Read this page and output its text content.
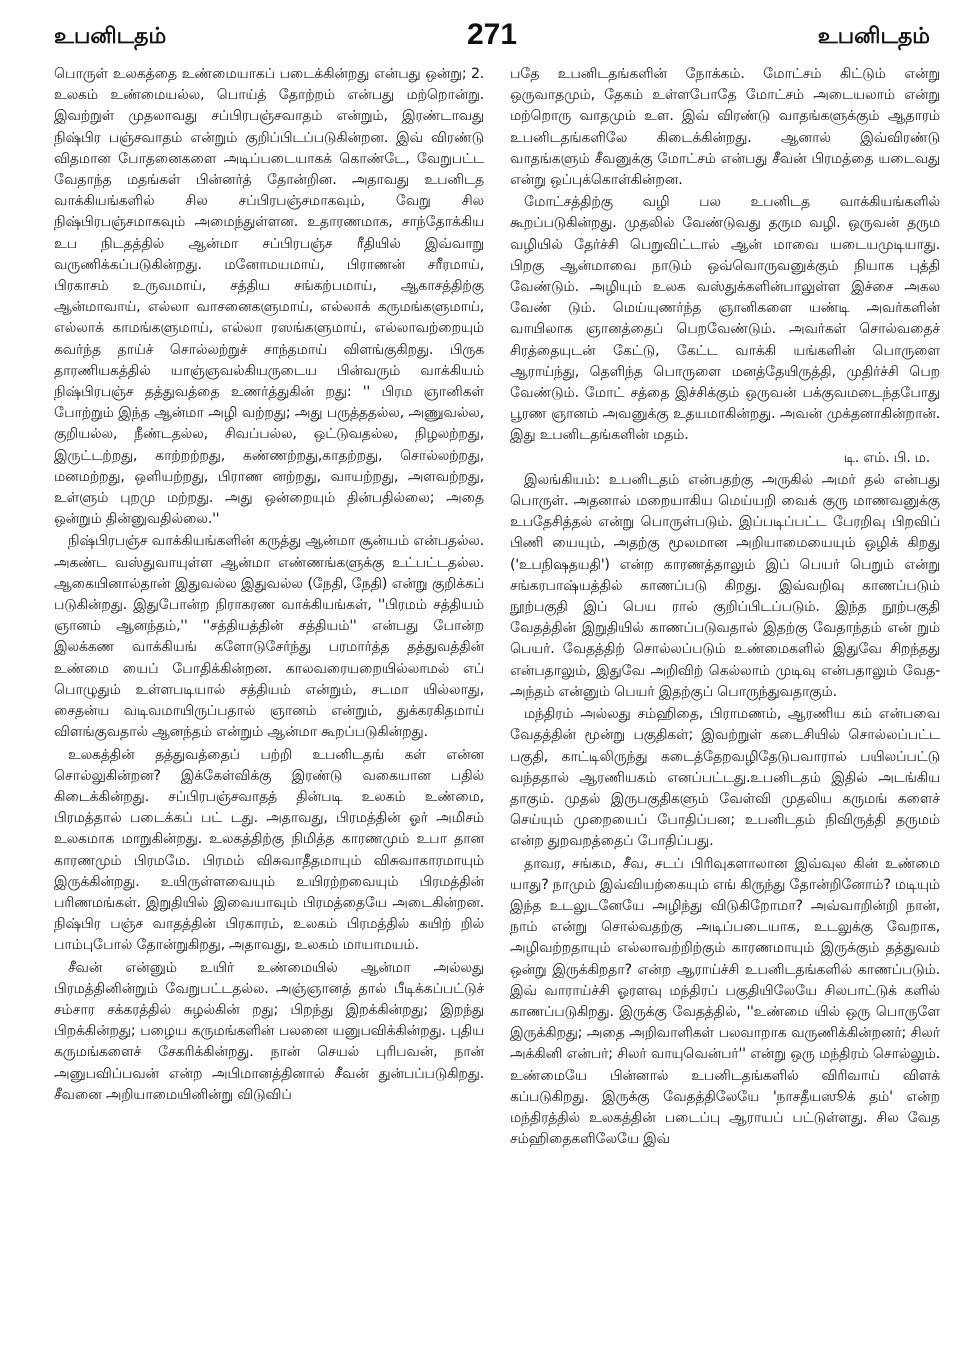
உபனிடதம்	271	உபனிடதம்

பொருள் உலகத்தை உண்மையாகப் படைக்கின்றது என்பது ஒன்று; 2. உலகம் உண்மையல்ல, பொய்த் தோற்றம் என்பது மற்றொன்று. இவற்றுள் முதலாவது சப்பிரபஞ்சவாதம் என்றும், இரண்டாவது நிஷ்பிர பஞ்சவாதம் என்றும் குறிப்பிடப்படுகின்றன. இவ் விரண்டு விதமான போதனைகளை அடிப்படையாகக் கொண்டே, வேறுபட்ட வேதாந்த மதங்கள் பின்னர்த் தோன்றின. அதாவது உபனிடத வாக்கியங்களில் சில சப்பிரபஞ்சமாகவும், வேறு சில நிஷ்பிரபஞ்சமாகவும் அமைந்துள்ளன. உதாரணமாக, சாந்தோக்கிய உப நிடதத்தில் ஆன்மா சப்பிரபஞ்ச ரீதியில் இவ்வாறு வருணிக்கப்படுகின்றது. மனோமயமாய், பிராணன் சரீரமாய், பிரகாசம் உருவமாய், சத்திய சங்கற்பமாய், ஆகாசத்திற்கு ஆன்மாவாய், எல்லா வாசனைகளுமாய், எல்லாக் கருமங்களுமாய், எல்லாக் காமங்களுமாய், எல்லா ரஸங்களுமாய், எல்லாவற்றையும் கவர்ந்த தாய்ச் சொல்லற்றுச் சாந்தமாய் விளங்குகிறது. பிருக தாரணியகத்தில் யாஞ்ஞவல்கியருடைய பின்வரும் வாக்கியம் நிஷ்பிரபஞ்ச தத்துவத்தை உணர்த்துகின் றது: '' பிரம ஞானிகள் போற்றும் இந்த ஆன்மா அழி வற்றது; அது பருத்ததல்ல, அணுவல்ல, குறியல்ல, நீண்டதல்ல, சிவப்பல்ல, ஒட்டுவதல்ல, நிழலற்றது, இருட்டற்றது, காற்றற்றது, கண்ணற்றது,காதற்றது, சொல்லற்றது, மனமற்றது, ஒளியற்றது, பிராண னற்றது, வாயற்றது, அளவற்றது, உள்ளும் புறமு மற்றது. அது ஒன்றையும் தின்பதில்லை; அதை ஒன்றும் தின்னுவதில்லை.''

நிஷ்பிரபஞ்ச வாக்கியங்களின் கருத்து ஆன்மா சூன்யம் என்பதல்ல. அகண்ட வஸ்துவாயுள்ள ஆன்மா எண்ணங்களுக்கு உட்பட்டதல்ல. ஆகையினால்தான் இதுவல்ல இதுவல்ல (நேதி, நேதி) என்று குறிக்கப் படுகின்றது. இதுபோன்ற நிராகரண வாக்கியங்கள், ''பிரமம் சத்தியம் ஞானம் ஆனந்தம்,'' ''சத்தியத்தின் சத்தியம்'' என்பது போன்ற இலக்கண வாக்கியங் களோடுசேர்ந்து பரமார்த்த தத்துவத்தின் உண்மை யைப் போதிக்கின்றன. காலவரையறையில்லாமல் எப் பொழுதும் உள்ளபடியால் சத்தியம் என்றும், சடமா யில்லாது, சைதன்ய வடிவமாயிருப்பதால் ஞானம் என்றும், துக்கரகிதமாய் விளங்குவதால் ஆனந்தம் என்றும் ஆன்மா கூறப்படுகின்றது.

உலகத்தின் தத்துவத்தைப் பற்றி உபனிடதங் கள் என்ன சொல்லுகின்றன? இக்கேள்விக்கு இரண்டு வகையான பதில் கிடைக்கின்றது. சப்பிரபஞ்சவாதத் தின்படி உலகம் உண்மை, பிரமத்தால் படைக்கப் பட் டது. அதாவது, பிரமத்தின் ஓர் அமிசம் உலகமாக மாறுகின்றது. உலகத்திற்கு நிமித்த காரணமும் உபா தான காரணமும் பிரமமே. பிரமம் விசுவாதீதமாயும் விசுவாகாரமாயும் இருக்கின்றது. உயிருள்ளவையும் உயிரற்றவையும் பிரமத்தின் பரிணமங்கள். இறுதியில் இவையாவும் பிரமத்தையே அடைகின்றன. நிஷ்பிர பஞ்ச வாதத்தின் பிரகாரம், உலகம் பிரமத்தில் கயிற் றில் பாம்புபோல் தோன்றுகிறது, அதாவது, உலகம் மாயாமயம்.

சீவன் என்னும் உயிர் உண்மையில் ஆன்மா அல்லது பிரமத்தினின்றும் வேறுபட்டதல்ல. அஞ்ஞானத் தால் பீடிக்கப்பட்டுச் சம்சார சக்கரத்தில் சுழல்கின் றது; பிறந்து இறக்கின்றது; இறந்து பிறக்கின்றது; பழைய கருமங்களின் பலனை யனுபவிக்கின்றது. புதிய கருமங்களைச் சேகரிக்கின்றது. நான் செயல் புரிபவன், நான் அனுபவிப்பவன் என்ற அபிமானத்தினால் சீவன் துன்பப்படுகிறது. சீவனை அறியாமையினின்று விடுவிப்

பதே உபனிடதங்களின் நோக்கம். மோட்சம் கிட்டும் என்று ஒருவாதமும், தேகம் உள்ளபோதே மோட்சம் அடையலாம் என்று மற்றொரு வாதமும் உள. இவ் விரண்டு வாதங்களுக்கும் ஆதாரம் உபனிடதங்களிலே கிடைக்கின்றது. ஆனால் இவ்விரண்டு வாதங்களும் சீவனுக்கு மோட்சம் என்பது சீவன் பிரமத்தை யடைவது என்று ஒப்புக்கொள்கின்றன.

மோட்சத்திற்கு வழி பல உபனிடத வாக்கியங்களில் கூறப்படுகின்றது. முதலில் வேண்டுவது தரும வழி. ஒருவன் தரும வழியில் தேர்ச்சி பெறுவிட்டால் ஆன் மாவை யடையமுடியாது. பிறகு ஆன்மாவை நாடும் ஒவ்வொருவனுக்கும் நியாக புத்தி வேண்டும். அழியும் உலக வஸ்துக்களின்பாலுள்ள இச்சை அகல வேண் டும். மெய்யுணர்ந்த ஞானிகளை யண்டி அவர்களின் வாயிலாக ஞானத்தைப் பெறவேண்டும். அவர்கள் சொல்வதைச் சிரத்தையுடன் கேட்டு, கேட்ட வாக்கி யங்களின் பொருளை ஆராய்ந்து, தெளிந்த பொருளை மனத்தேயிருத்தி, முதிர்ச்சி பெற வேண்டும். மோட் சத்தை இச்சிக்கும் ஒருவன் பக்குவமடைந்தபோது பூரண ஞானம் அவனுக்கு உதயமாகின்றது. அவன் முக்தனாகின்றான். இது உபனிடதங்களின் மதம்.

டி. எம். பி. ம.

இலங்கியம்: உபனிடதம் என்பதற்கு அருகில் அமர் தல் என்பது பொருள். அதனால் மறையாகிய மெய்யறி வைக் குரு மாணவனுக்கு உபதேசித்தல் என்று பொருள்படும். இப்படிப்பட்ட பேரறிவு பிறவிப் பிணி யையும், அதற்கு மூலமான அறியாமையையும் ஒழிக் கிறது ('உபநிஷதயதி') என்ற காரணத்தாலும் இப் பெயர் பெறும் என்று சங்கரபாஷ்யத்தில் காணப்படு கிறது. இவ்வறிவு காணப்படும் நூற்பகுதி இப் பெய ரால் குறிப்பிடப்படும். இந்த நூற்பகுதி வேதத்தின் இறுதியில் காணப்படுவதால் இதற்கு வேதாந்தம் என் றும் பெயர். வேதத்திற் சொல்லப்படும் உண்மைகளில் இதுவே சிறந்தது என்பதாலும், இதுவே அறிவிற் கெல்லாம் முடிவு என்பதாலும் வேத-அந்தம் என்னும் பெயர் இதற்குப் பொருந்துவதாகும்.

மந்திரம் அல்லது சம்ஹிதை, பிராமணம், ஆரணிய கம் என்பவை வேதத்தின் மூன்று பகுதிகள்; இவற்றுள் கடைசியில் சொல்லப்பட்ட பகுதி, காட்டிலிருந்து கடைத்தேறவழிதேடுபவாரால் பயிலப்பட்டு வந்ததால் ஆரணியகம் எனப்பட்டது.உபனிடதம் இதில் அடங்கிய தாகும். முதல் இருபகுதிகளும் வேள்வி முதலிய கருமங் களைச் செய்யும் முறையைப் போதிப்பன; உபனிடதம் நிவிருத்தி தருமம் என்ற துறவறத்தைப் போதிப்பது.

தாவர, சங்கம, சீவ, சடப் பிரிவுகளாலான இவ்வுல கின் உண்மை யாது? நாமும் இவ்வியற்கையும் எங் கிருந்து தோன்றினோம்? மடியும் இந்த உடலுடனேயே அழிந்து விடுகிறோமா? அவ்வாறின்றி நான், நாம் என்று சொல்வதற்கு அடிப்படையாக, உடலுக்கு வேறாக, அழிவற்றதாயும் எல்லாவற்றிற்கும் காரணமாயும் இருக்கும் தத்துவம் ஒன்று இருக்கிறதா? என்ற ஆராய்ச்சி உபனிடதங்களில் காணப்படும். இவ் வாராய்ச்சி ஓரளவு மந்திரப் பகுதியிலேயே சிலபாட்டுக் களில் காணப்படுகிறது. இருக்கு வேதத்தில், ''உண்மை யில் ஒரு பொருளே இருக்கிறது; அதை அறிவாளிகள் பலவாறாக வருணிக்கின்றனர்; சிலர் அக்கினி என்பர்; சிலர் வாயுவென்பர்'' என்று ஒரு மந்திரம் சொல்லும். உண்மையே பின்னால் உபனிடதங்களில் விரிவாய் விளக் கப்படுகிறது. இருக்கு வேதத்திலேயே 'நாசதீயஸூக் தம்' என்ற மந்திரத்தில் உலகத்தின் படைப்பு ஆராயப் பட்டுள்ளது. சில வேத சம்ஹிதைகளிலேயே இவ்
